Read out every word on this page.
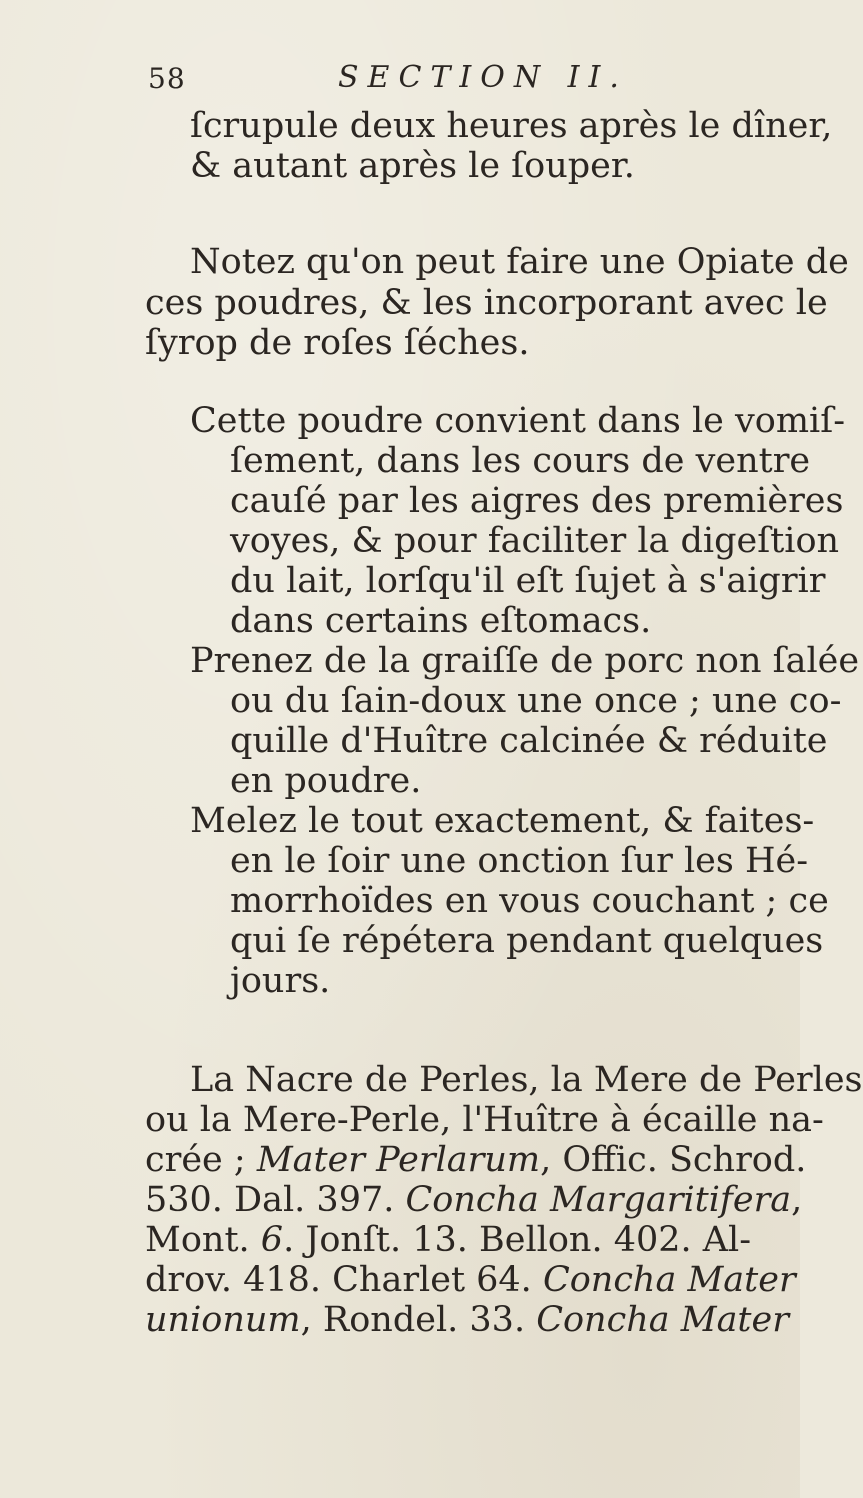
58	SECTION II.
ſcrupule deux heures après le dîner,
& autant après le ſouper.
Notez qu'on peut faire une Opiate de
ces poudres, & les incorporant avec le
ſyrop de roſes ſéches.
Cette poudre convient dans le vomiſ-
ſement, dans les cours de ventre
cauſé par les aigres des premières
voyes, & pour faciliter la digeſtion
du lait, lorſqu'il eſt ſujet à s'aigrir
dans certains eſtomacs.
Prenez de la graiſſe de porc non ſalée
ou du ſain-doux une once ; une co-
quille d'Huître calcinée & réduite
en poudre.
Melez le tout exactement, & faites-
en le ſoir une onction ſur les Hé-
morrhoïdes en vous couchant ; ce
qui ſe répétera pendant quelques
jours.
La Nacre de Perles, la Mere de Perles
ou la Mere-Perle, l'Huître à écaille na-
crée ; Mater Perlarum, Offic. Schrod.
530. Dal. 397. Concha Margaritifera,
Mont. 6. Jonſt. 13. Bellon. 402. Al-
drov. 418. Charlet 64. Concha Mater
unionum, Rondel. 33. Concha Mater
